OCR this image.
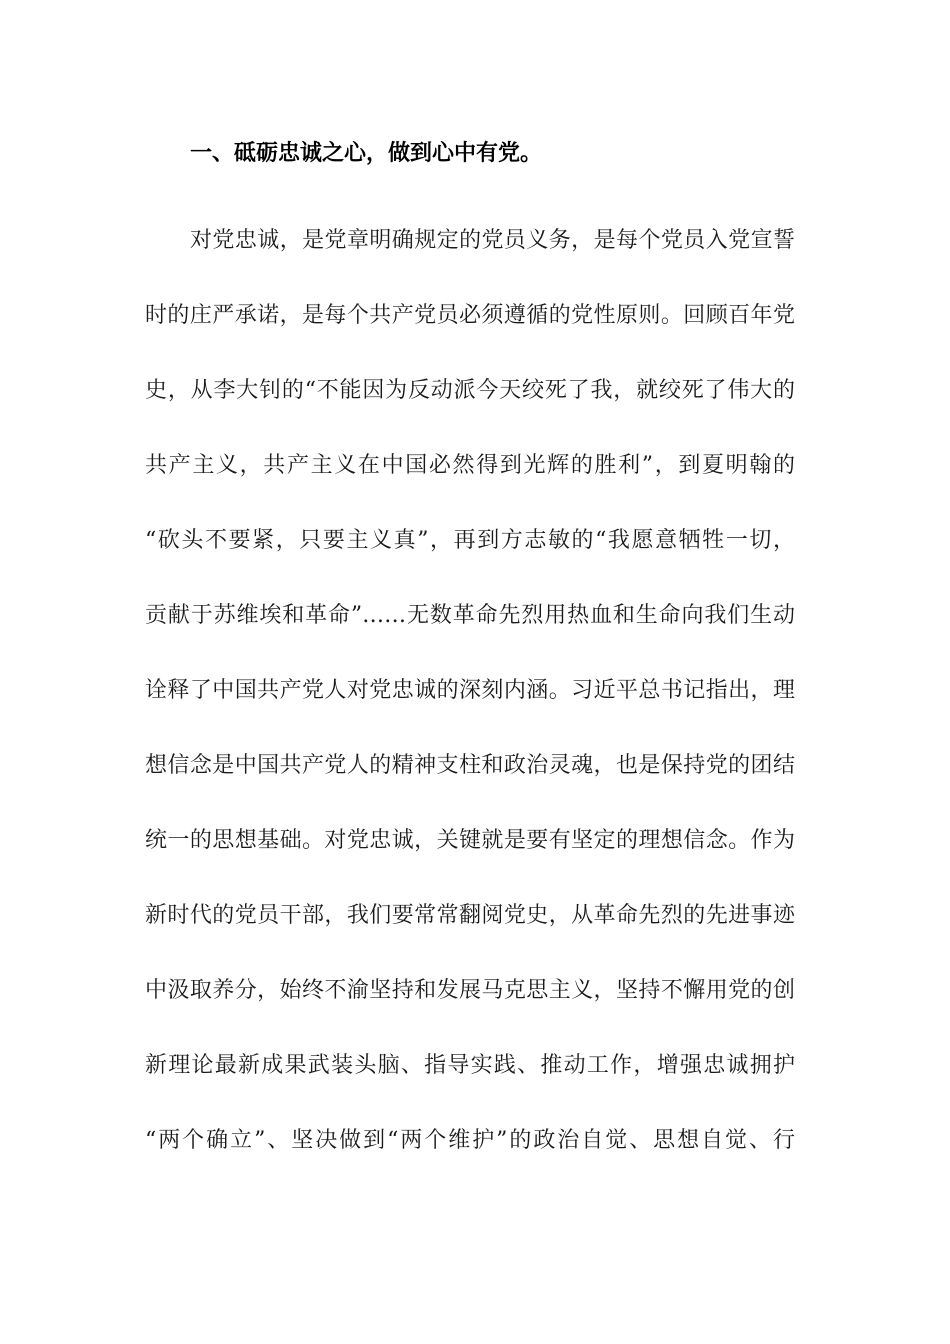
一、砥砺忠诚之心，做到心中有党。
对党忠诚，是党章明确规定的党员义务，是每个党员入党宣誓
时的庄严承诺，是每个共产党员必须遵循的党性原则。回顾百年党
史，从李大钊的“不能因为反动派今天绞死了我，就绞死了伟大的
共产主义，共产主义在中国必然得到光辉的胜利”，到夏明翰的
“砍头不要紧，只要主义真”，再到方志敏的“我愿意牺牲一切，
贡献于苏维埃和革命”……无数革命先烈用热血和生命向我们生动
诠释了中国共产党人对党忠诚的深刻内涵。习近平总书记指出，理
想信念是中国共产党人的精神支柱和政治灵魂，也是保持党的团结
统一的思想基础。对党忠诚，关键就是要有坚定的理想信念。作为
新时代的党员干部，我们要常常翻阅党史，从革命先烈的先进事迹
中汲取养分，始终不渝坚持和发展马克思主义，坚持不懈用党的创
新理论最新成果武装头脑、指导实践、推动工作，增强忠诚拥护
“两个确立”、坚决做到“两个维护”的政治自觉、思想自觉、行
